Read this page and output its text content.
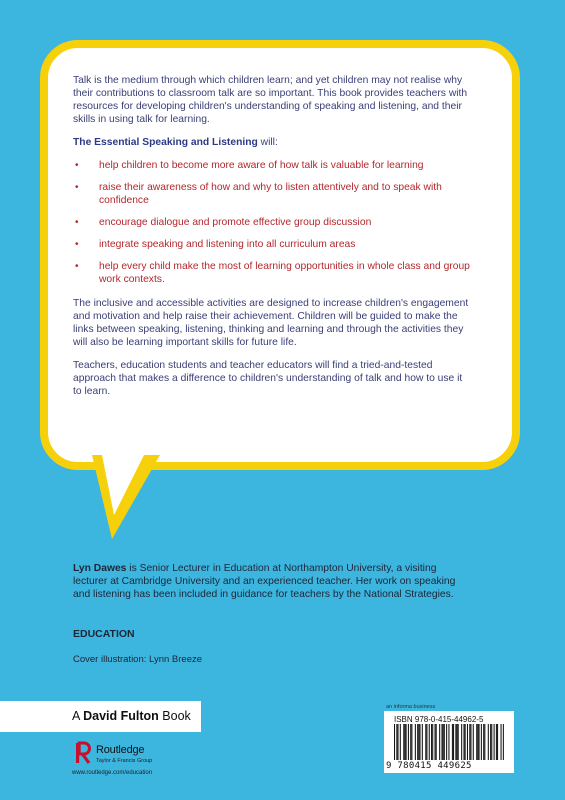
Talk is the medium through which children learn; and yet children may not realise why their contributions to classroom talk are so important. This book provides teachers with resources for developing children's understanding of speaking and listening, and their skills in using talk for learning.

The Essential Speaking and Listening will:

• help children to become more aware of how talk is valuable for learning
• raise their awareness of how and why to listen attentively and to speak with confidence
• encourage dialogue and promote effective group discussion
• integrate speaking and listening into all curriculum areas
• help every child make the most of learning opportunities in whole class and group work contexts.

The inclusive and accessible activities are designed to increase children's engagement and motivation and help raise their achievement. Children will be guided to make the links between speaking, listening, thinking and learning and through the activities they will also be learning important skills for future life.

Teachers, education students and teacher educators will find a tried-and-tested approach that makes a difference to children's understanding of talk and how to use it to learn.

Lyn Dawes is Senior Lecturer in Education at Northampton University, a visiting lecturer at Cambridge University and an experienced teacher. Her work on speaking and listening has been included in guidance for teachers by the National Strategies.
EDUCATION
Cover illustration: Lynn Breeze
A David Fulton Book
Routledge
Taylor & Francis Group
www.routledge.com/education
an informa business
ISBN 978-0-415-44962-5
9 780415 449625
